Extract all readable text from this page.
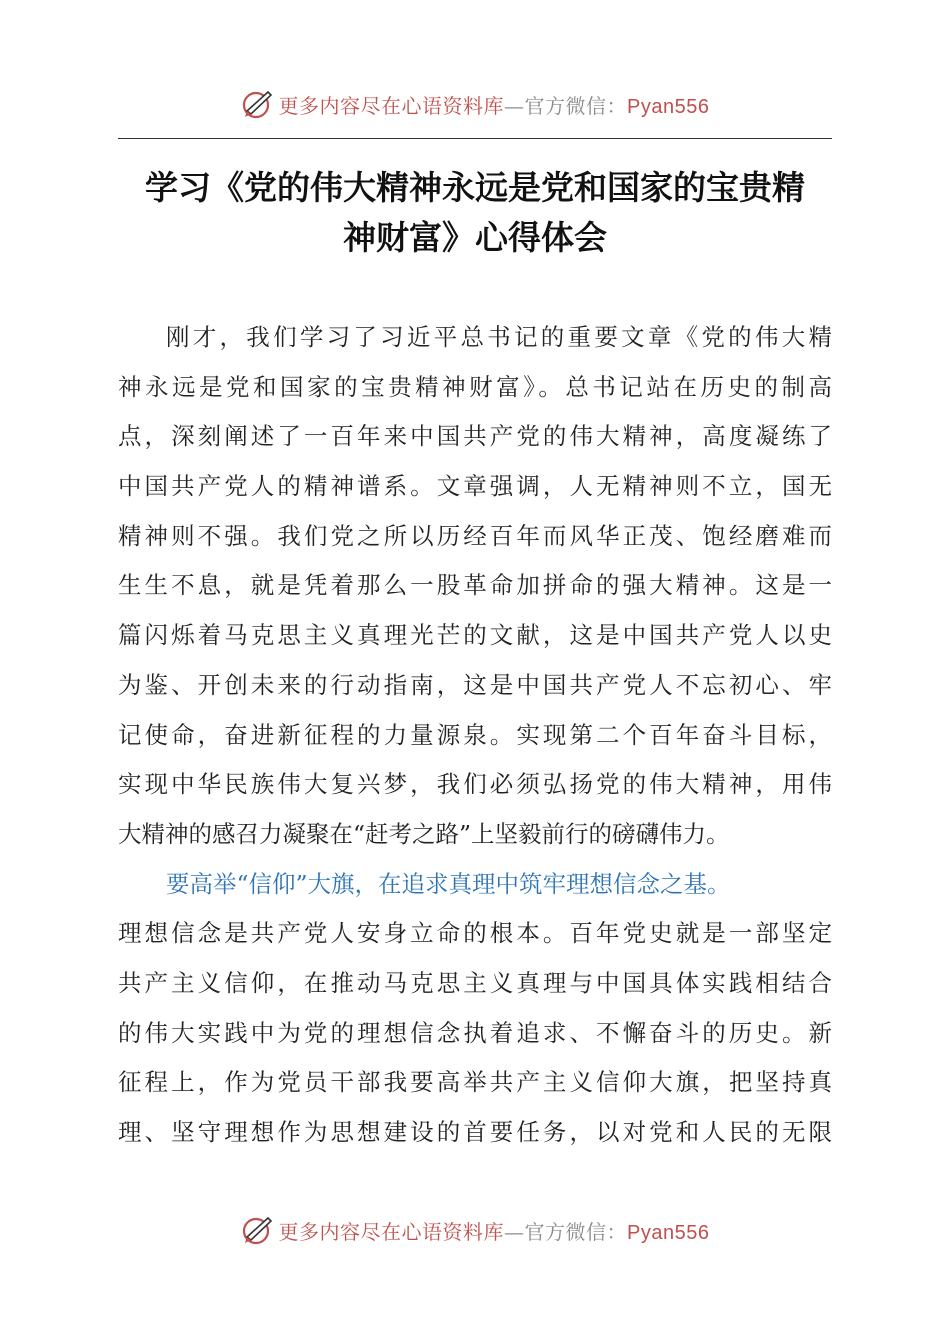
更多内容尽在心语资料库—官方微信：Pyan556
学习《党的伟大精神永远是党和国家的宝贵精
神财富》心得体会
刚才，我们学习了习近平总书记的重要文章《党的伟大精
神永远是党和国家的宝贵精神财富》。总书记站在历史的制高
点，深刻阐述了一百年来中国共产党的伟大精神，高度凝练了
中国共产党人的精神谱系。文章强调，人无精神则不立，国无
精神则不强。我们党之所以历经百年而风华正茂、饱经磨难而
生生不息，就是凭着那么一股革命加拼命的强大精神。这是一
篇闪烁着马克思主义真理光芒的文献，这是中国共产党人以史
为鉴、开创未来的行动指南，这是中国共产党人不忘初心、牢
记使命，奋进新征程的力量源泉。实现第二个百年奋斗目标，
实现中华民族伟大复兴梦，我们必须弘扬党的伟大精神，用伟
大精神的感召力凝聚在“赶考之路”上坚毅前行的磅礴伟力。
要高举“信仰”大旗，在追求真理中筑牢理想信念之基。
理想信念是共产党人安身立命的根本。百年党史就是一部坚定
共产主义信仰，在推动马克思主义真理与中国具体实践相结合
的伟大实践中为党的理想信念执着追求、不懈奋斗的历史。新
征程上，作为党员干部我要高举共产主义信仰大旗，把坚持真
理、坚守理想作为思想建设的首要任务，以对党和人民的无限
更多内容尽在心语资料库—官方微信：Pyan556
